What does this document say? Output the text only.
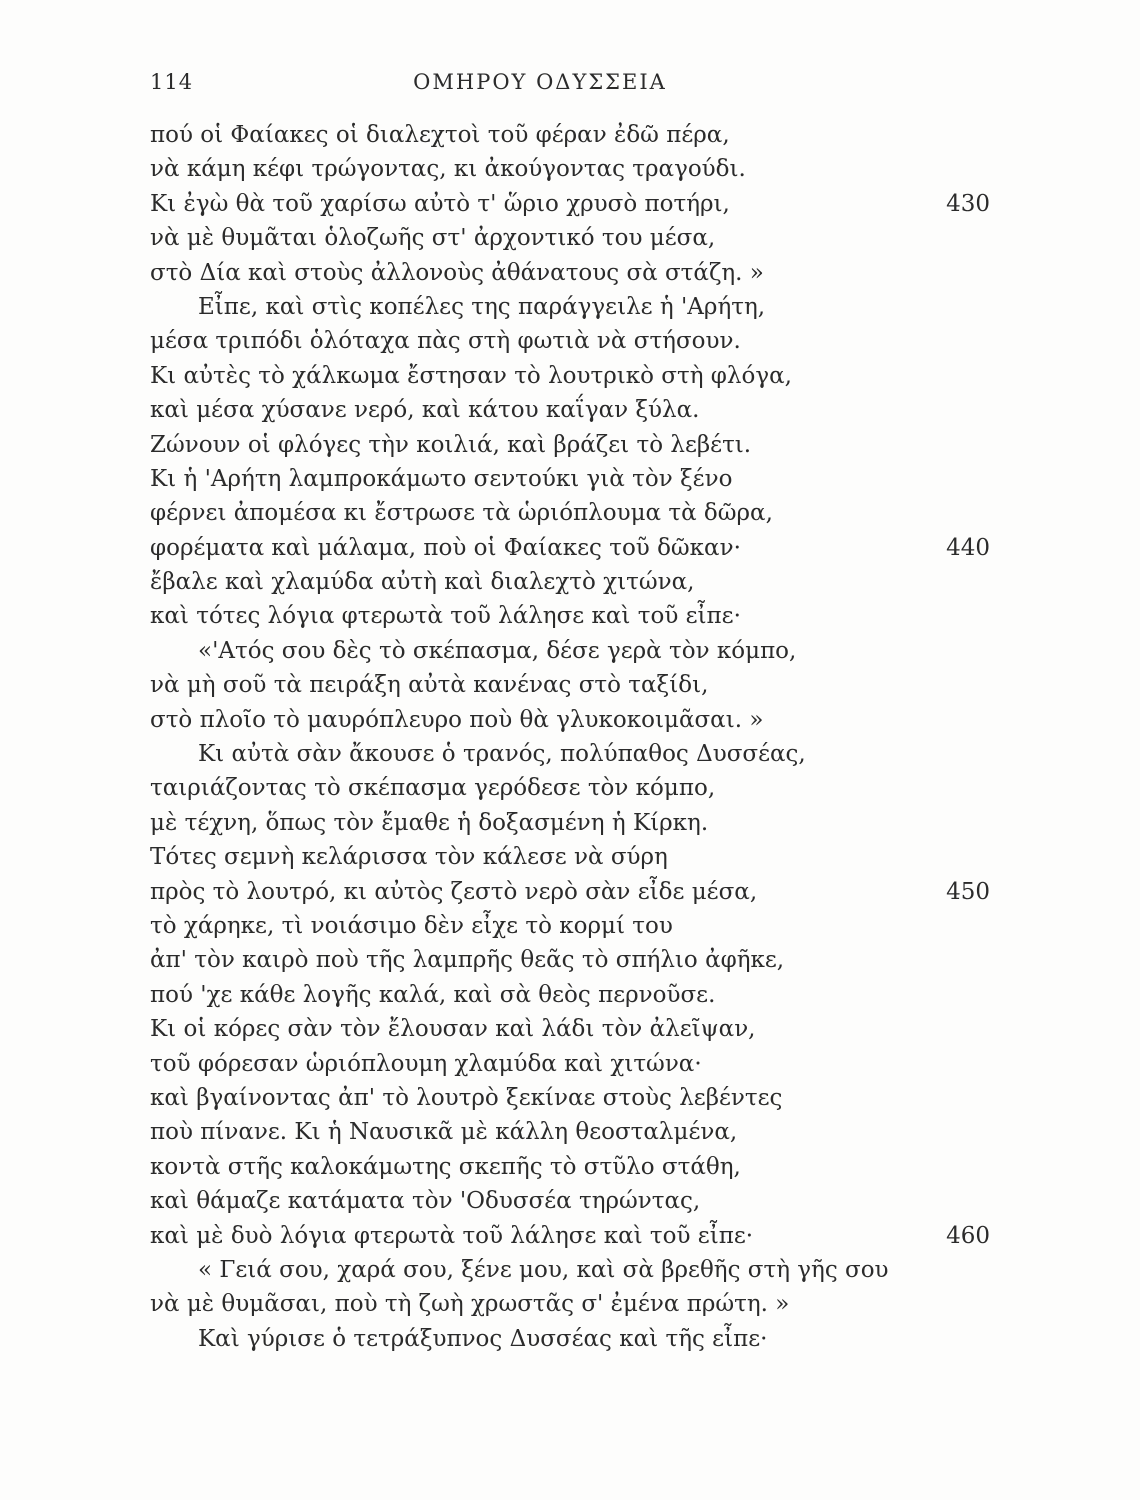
114	ΟΜΗΡΟΥ ΟΔΥΣΣΕΙΑ
πού οἱ Φαίακες οἱ διαλεχτοὶ τοῦ φέραν ἐδῶ πέρα,
νὰ κάμη κέφι τρώγοντας, κι ἀκούγοντας τραγούδι.
Κι ἐγὼ θὰ τοῦ χαρίσω αὐτὸ τ' ὥριο χρυσὸ ποτήρι,	430
νὰ μὲ θυμᾶται ὁλοζωῆς στ' ἀρχοντικό του μέσα,
στὸ Δία καὶ στοὺς ἀλλονοὺς ἀθάνατους σὰ στάζη. »
Εἶπε, καὶ στὶς κοπέλες της παράγγειλε ἡ 'Αρήτη,
μέσα τριπόδι ὁλόταχα πὰς στὴ φωτιὰ νὰ στήσουν.
Κι αὐτὲς τὸ χάλκωμα ἔστησαν τὸ λουτρικὸ στὴ φλόγα,
καὶ μέσα χύσανε νερό, καὶ κάτου καΐγαν ξύλα.
Ζώνουν οἱ φλόγες τὴν κοιλιά, καὶ βράζει τὸ λεβέτι.
Κι ἡ 'Αρήτη λαμπροκάμωτο σεντούκι γιὰ τὸν ξένο
φέρνει ἀπομέσα κι ἔστρωσε τὰ ὡριόπλουμα τὰ δῶρα,
φορέματα καὶ μάλαμα, ποὺ οἱ Φαίακες τοῦ δῶκαν·	440
ἔβαλε καὶ χλαμύδα αὐτὴ καὶ διαλεχτὸ χιτώνα,
καὶ τότες λόγια φτερωτὰ τοῦ λάλησε καὶ τοῦ εἶπε·
«'Ατός σου δὲς τὸ σκέπασμα, δέσε γερὰ τὸν κόμπο,
νὰ μὴ σοῦ τὰ πειράξη αὐτὰ κανένας στὸ ταξίδι,
στὸ πλοῖο τὸ μαυρόπλευρο ποὺ θὰ γλυκοκοιμᾶσαι. »
Κι αὐτὰ σὰν ἄκουσε ὁ τρανός, πολύπαθος Δυσσέας,
ταιριάζοντας τὸ σκέπασμα γερόδεσε τὸν κόμπο,
μὲ τέχνη, ὅπως τὸν ἔμαθε ἡ δοξασμένη ἡ Κίρκη.
Τότες σεμνὴ κελάρισσα τὸν κάλεσε νὰ σύρη
πρὸς τὸ λουτρό, κι αὐτὸς ζεστὸ νερὸ σὰν εἶδε μέσα,	450
τὸ χάρηκε, τὶ νοιάσιμο δὲν εἶχε τὸ κορμί του
ἀπ' τὸν καιρὸ ποὺ τῆς λαμπρῆς θεᾶς τὸ σπήλιο ἀφῆκε,
πού 'χε κάθε λογῆς καλά, καὶ σὰ θεὸς περνοῦσε.
Κι οἱ κόρες σὰν τὸν ἔλουσαν καὶ λάδι τὸν ἀλεῖψαν,
τοῦ φόρεσαν ὡριόπλουμη χλαμύδα καὶ χιτώνα·
καὶ βγαίνοντας ἀπ' τὸ λουτρὸ ξεκίναε στοὺς λεβέντες
ποὺ πίνανε. Κι ἡ Ναυσικᾶ μὲ κάλλη θεοσταλμένα,
κοντὰ στῆς καλοκάμωτης σκεπῆς τὸ στῦλο στάθη,
καὶ θάμαζε κατάματα τὸν 'Οδυσσέα τηρώντας,
καὶ μὲ δυὸ λόγια φτερωτὰ τοῦ λάλησε καὶ τοῦ εἶπε·	460
« Γειά σου, χαρά σου, ξένε μου, καὶ σὰ βρεθῆς στὴ γῆς σου
νὰ μὲ θυμᾶσαι, ποὺ τὴ ζωὴ χρωστᾶς σ' ἐμένα πρώτη. »
Καὶ γύρισε ὁ τετράξυπνος Δυσσέας καὶ τῆς εἶπε·
